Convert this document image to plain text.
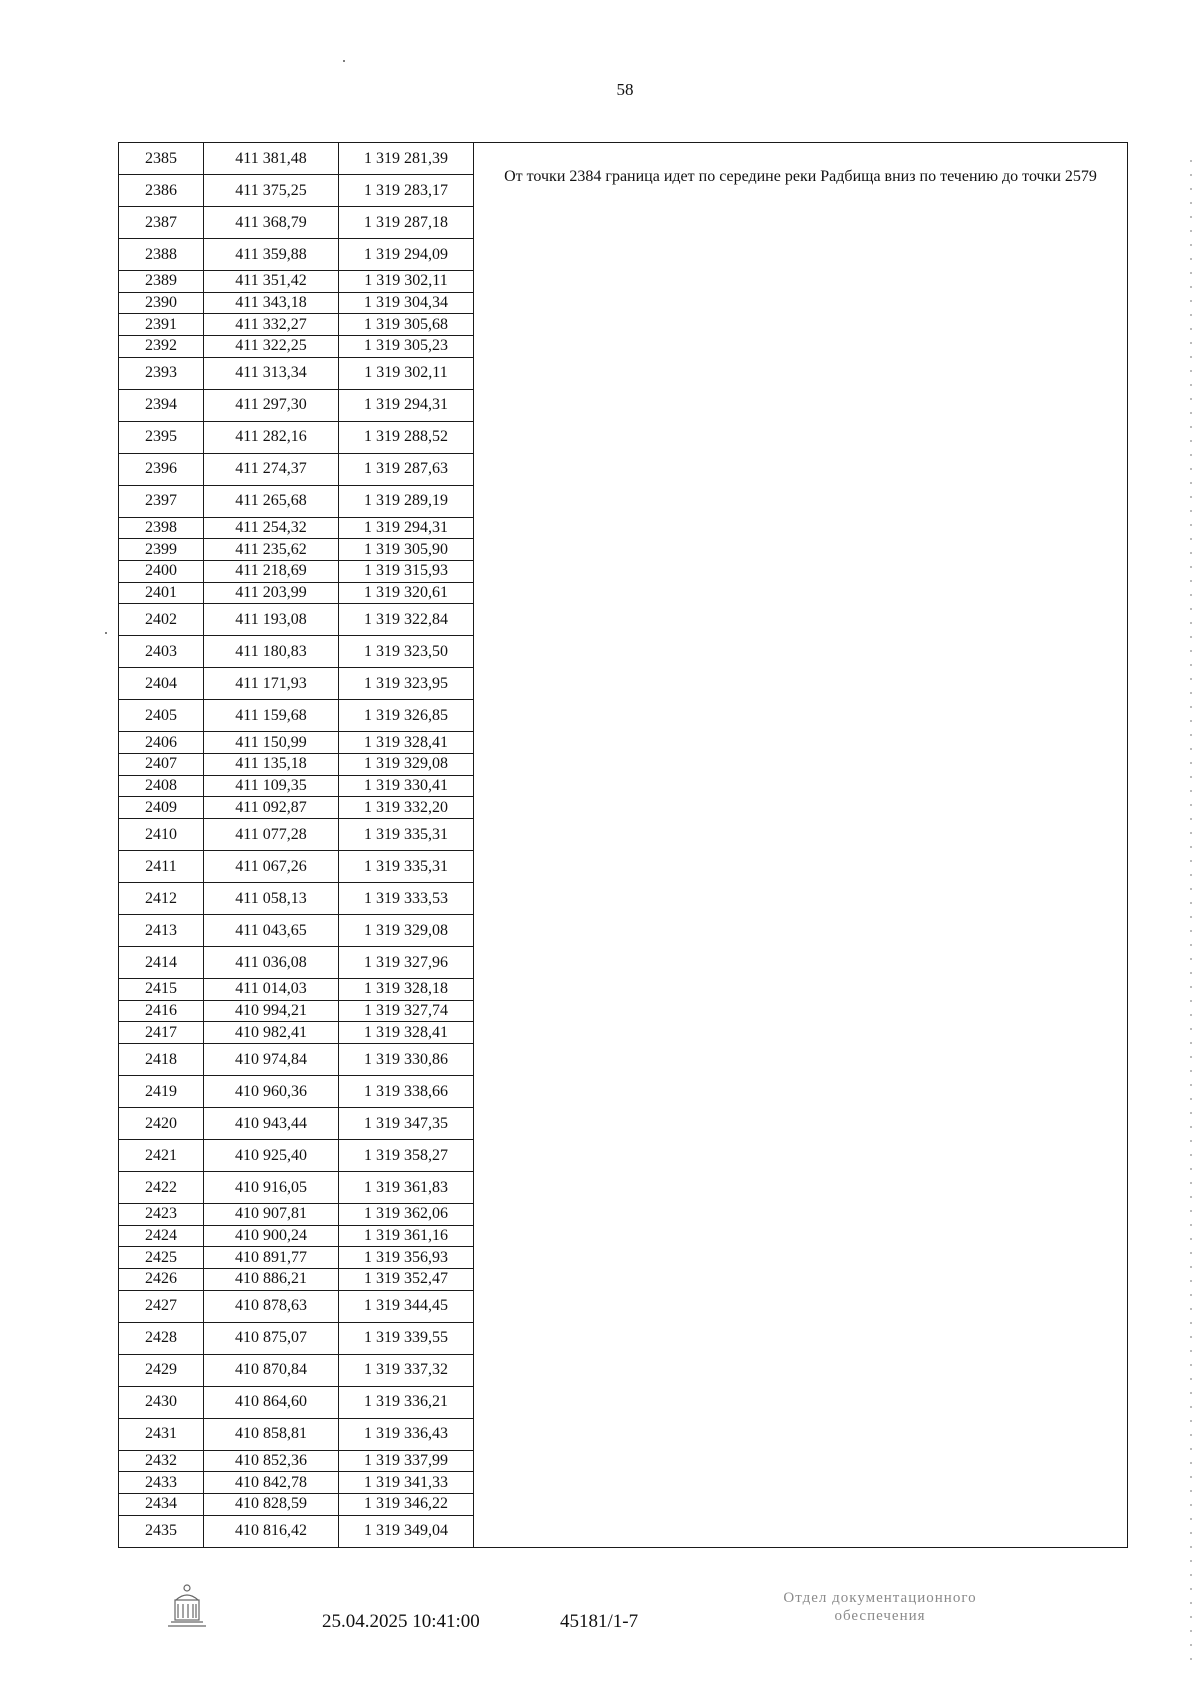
58
2385	411 381,48	1 319 281,39	От точки 2384 граница идет по середине реки Радбища вниз по течению до точки 2579
2386	411 375,25	1 319 283,17	
2387	411 368,79	1 319 287,18	
2388	411 359,88	1 319 294,09	
2389	411 351,42	1 319 302,11	
2390	411 343,18	1 319 304,34	
2391	411 332,27	1 319 305,68	
2392	411 322,25	1 319 305,23	
2393	411 313,34	1 319 302,11	
2394	411 297,30	1 319 294,31	
2395	411 282,16	1 319 288,52	
2396	411 274,37	1 319 287,63	
2397	411 265,68	1 319 289,19	
2398	411 254,32	1 319 294,31	
2399	411 235,62	1 319 305,90	
2400	411 218,69	1 319 315,93	
2401	411 203,99	1 319 320,61	
2402	411 193,08	1 319 322,84	
2403	411 180,83	1 319 323,50	
2404	411 171,93	1 319 323,95	
2405	411 159,68	1 319 326,85	
2406	411 150,99	1 319 328,41	
2407	411 135,18	1 319 329,08	
2408	411 109,35	1 319 330,41	
2409	411 092,87	1 319 332,20	
2410	411 077,28	1 319 335,31	
2411	411 067,26	1 319 335,31	
2412	411 058,13	1 319 333,53	
2413	411 043,65	1 319 329,08	
2414	411 036,08	1 319 327,96	
2415	411 014,03	1 319 328,18	
2416	410 994,21	1 319 327,74	
2417	410 982,41	1 319 328,41	
2418	410 974,84	1 319 330,86	
2419	410 960,36	1 319 338,66	
2420	410 943,44	1 319 347,35	
2421	410 925,40	1 319 358,27	
2422	410 916,05	1 319 361,83	
2423	410 907,81	1 319 362,06	
2424	410 900,24	1 319 361,16	
2425	410 891,77	1 319 356,93	
2426	410 886,21	1 319 352,47	
2427	410 878,63	1 319 344,45	
2428	410 875,07	1 319 339,55	
2429	410 870,84	1 319 337,32	
2430	410 864,60	1 319 336,21	
2431	410 858,81	1 319 336,43	
2432	410 852,36	1 319 337,99	
2433	410 842,78	1 319 341,33	
2434	410 828,59	1 319 346,22	
2435	410 816,42	1 319 349,04	
25.04.2025 10:41:00	45181/1-7
Отдел документационного
обеспечения
